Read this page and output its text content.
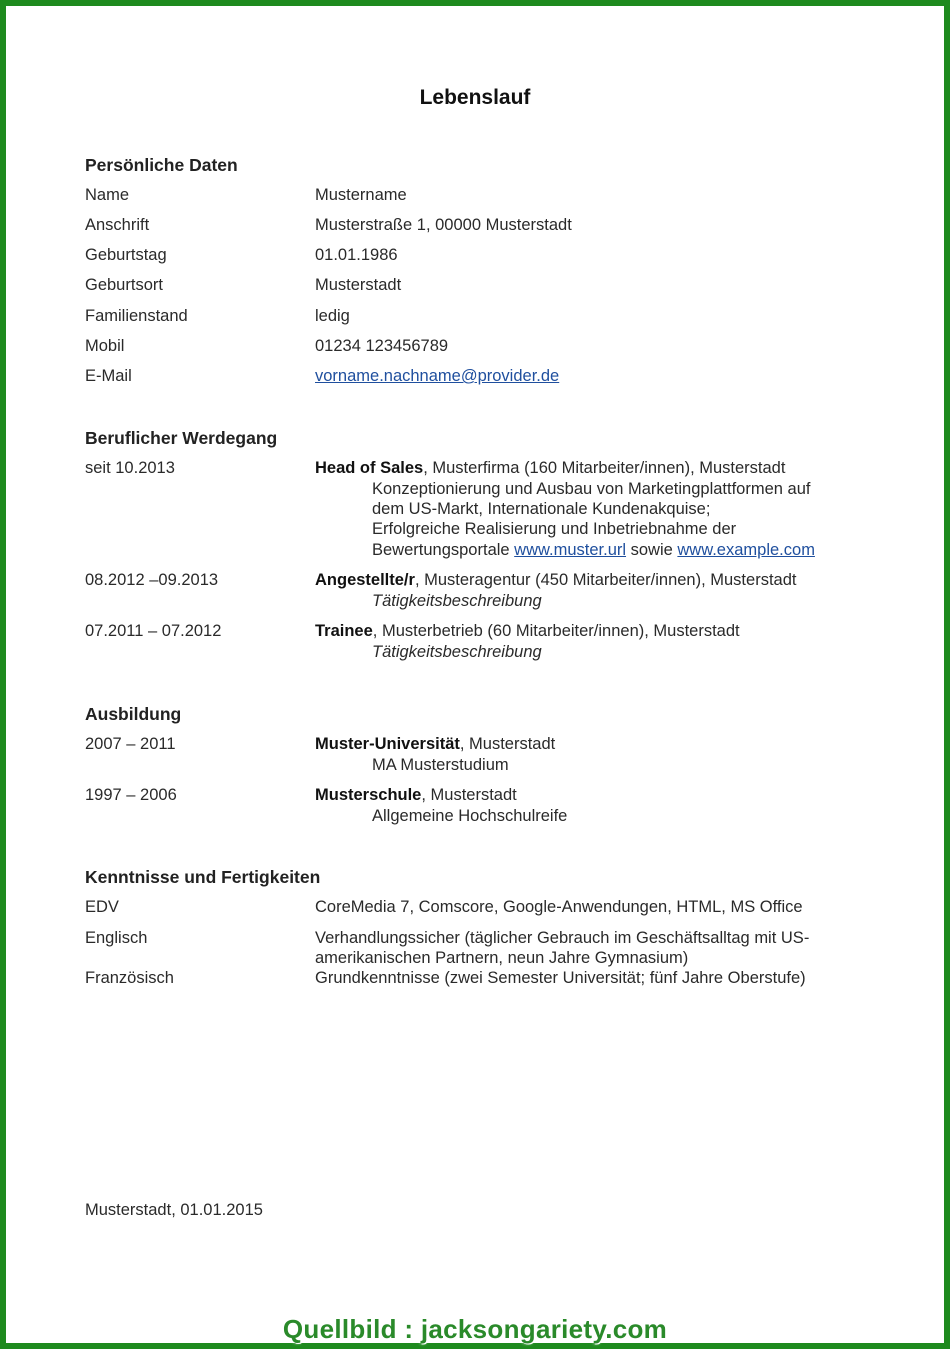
Lebenslauf
Persönliche Daten
Name	Mustername
Anschrift	Musterstraße 1, 00000 Musterstadt
Geburtstag	01.01.1986
Geburtsort	Musterstadt
Familienstand	ledig
Mobil	01234 123456789
E-Mail	vorname.nachname@provider.de
Beruflicher Werdegang
seit 10.2013	Head of Sales, Musterfirma (160 Mitarbeiter/innen), Musterstadt
Konzeptionierung und Ausbau von Marketingplattformen auf
dem US-Markt, Internationale Kundenakquise;
Erfolgreiche Realisierung und Inbetriebnahme der
Bewertungsportale www.muster.url sowie www.example.com
08.2012 –09.2013	Angestellte/r, Musteragentur (450 Mitarbeiter/innen), Musterstadt
Tätigkeitsbeschreibung
07.2011 – 07.2012	Trainee, Musterbetrieb (60 Mitarbeiter/innen), Musterstadt
Tätigkeitsbeschreibung
Ausbildung
2007 – 2011	Muster-Universität, Musterstadt
MA Musterstudium
1997 – 2006	Musterschule, Musterstadt
Allgemeine Hochschulreife
Kenntnisse und Fertigkeiten
EDV	CoreMedia 7, Comscore, Google-Anwendungen, HTML, MS Office
Englisch	Verhandlungssicher (täglicher Gebrauch im Geschäftsalltag mit US-
amerikanischen Partnern, neun Jahre Gymnasium)
Französisch	Grundkenntnisse (zwei Semester Universität; fünf Jahre Oberstufe)
Musterstadt, 01.01.2015
Quellbild : jacksongariety.com
